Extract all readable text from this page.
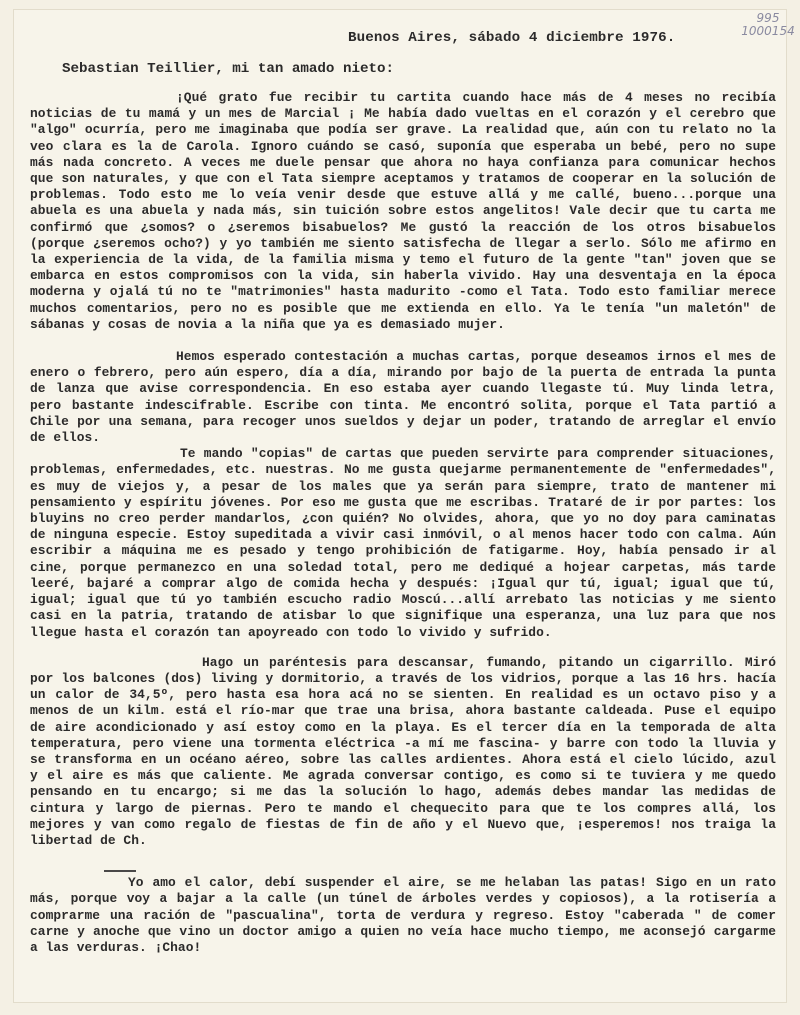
995 1000154
Buenos Aires, sábado 4 diciembre 1976.
Sebastian Teillier, mi tan amado nieto:

¡Qué grato fue recibir tu cartita cuando hace más de 4 meses no recibía noticias de tu mamá y un mes de Marcial ¡ Me había dado vueltas en el corazón y el cerebro que "algo" ocurría, pero me imaginaba que podía ser grave. La realidad que, aún con tu relato no la veo clara es la de Carola. Ignoro cuándo se casó, suponía que esperaba un bebé, pero no supe más nada concreto. A veces me duele pensar que ahora no haya confianza para comunicar hechos que son naturales, y que con el Tata siempre aceptamos y tratamos de cooperar en la solución de problemas. Todo esto me lo veía venir desde que estuve allá y me callé, bueno...porque una abuela es una abuela y nada más, sin tuición sobre estos angelitos! Vale decir que tu carta me confirmó que ¿somos? o ¿seremos bisabuelos? Me gustó la reacción de los otros bisabuelos (porque ¿seremos ocho?) y yo también me siento satisfecha de llegar a serlo. Sólo me afirmo en la experiencia de la vida, de la familia misma y temo el futuro de la gente "tan" joven que se embarca en estos compromisos con la vida, sin haberla vivido. Hay una desventaja en la época moderna y ojalá tú no te "matrimonies" hasta madurito -como el Tata. Todo esto familiar merece muchos comentarios, pero no es posible que me extienda en ello. Ya le tenía "un maletón" de sábanas y cosas de novia a la niña que ya es demasiado mujer.

Hemos esperado contestación a muchas cartas, porque deseamos irnos el mes de enero o febrero, pero aún espero, día a día, mirando por bajo de la puerta de entrada la punta de lanza que avise correspondencia. En eso estaba ayer cuando llegaste tú. Muy linda letra, pero bastante indescifrable. Escribe con tinta. Me encontró solita, porque el Tata partió a Chile por una semana, para recoger unos sueldos y dejar un poder, tratando de arreglar el envío de ellos.

Te mando "copias" de cartas que pueden servirte para comprender situaciones, problemas, enfermedades, etc. nuestras. No me gusta quejarme permanentemente de "enfermedades", es muy de viejos y, a pesar de los males que ya serán para siempre, trato de mantener mi pensamiento y espíritu jóvenes. Por eso me gusta que me escribas. Trataré de ir por partes: los bluyins no creo perder mandarlos, ¿con quién? No olvides, ahora, que yo no doy para caminatas de ninguna especie. Estoy supeditada a vivir casi inmóvil, o al menos hacer todo con calma. Aún escribir a máquina me es pesado y tengo prohibición de fatigarme. Hoy, había pensado ir al cine, porque permanezco en una soledad total, pero me dediqué a hojear carpetas, más tarde leeré, bajaré a comprar algo de comida hecha y después: ¡Igual qur tú, igual; igual que tú, igual; igual que tú yo también escucho radio Moscú...allí arrebato las noticias y me siento casi en la patria, tratando de atisbar lo que signifique una esperanza, una luz para que nos llegue hasta el corazón tan apoyreado con todo lo vivido y sufrido.

Hago un paréntesis para descansar, fumando, pitando un cigarrillo. Miró por los balcones (dos) living y dormitorio, a través de los vidrios, porque a las 16 hrs. hacía un calor de 34,5º, pero hasta esa hora acá no se sienten. En realidad es un octavo piso y a menos de un kilm. está el río-mar que trae una brisa, ahora bastante caldeada. Puse el equipo de aire acondicionado y así estoy como en la playa. Es el tercer día en la temporada de alta temperatura, pero viene una tormenta eléctrica -a mí me fascina- y barre con todo la lluvia y se transforma en un océano aéreo, sobre las calles ardientes. Ahora está el cielo lúcido, azul y el aire es más que caliente. Me agrada conversar contigo, es como si te tuviera y me quedo pensando en tu encargo; si me das la solución lo hago, además debes mandar las medidas de cintura y largo de piernas. Pero te mando el chequecito para que te los compres allá, los mejores y van como regalo de fiestas de fin de año y el Nuevo que, ¡esperemos! nos traiga la libertad de Ch.

Yo amo el calor, debí suspender el aire, se me helaban las patas! Sigo en un rato más, porque voy a bajar a la calle (un túnel de árboles verdes y copiosos), a la rotisería a comprarme una ración de "pascualina", torta de verdura y regreso. Estoy "caberada " de comer carne y anoche que vino un doctor amigo a quien no veía hace mucho tiempo, me aconsejó cargarme a las verduras. ¡Chao!
